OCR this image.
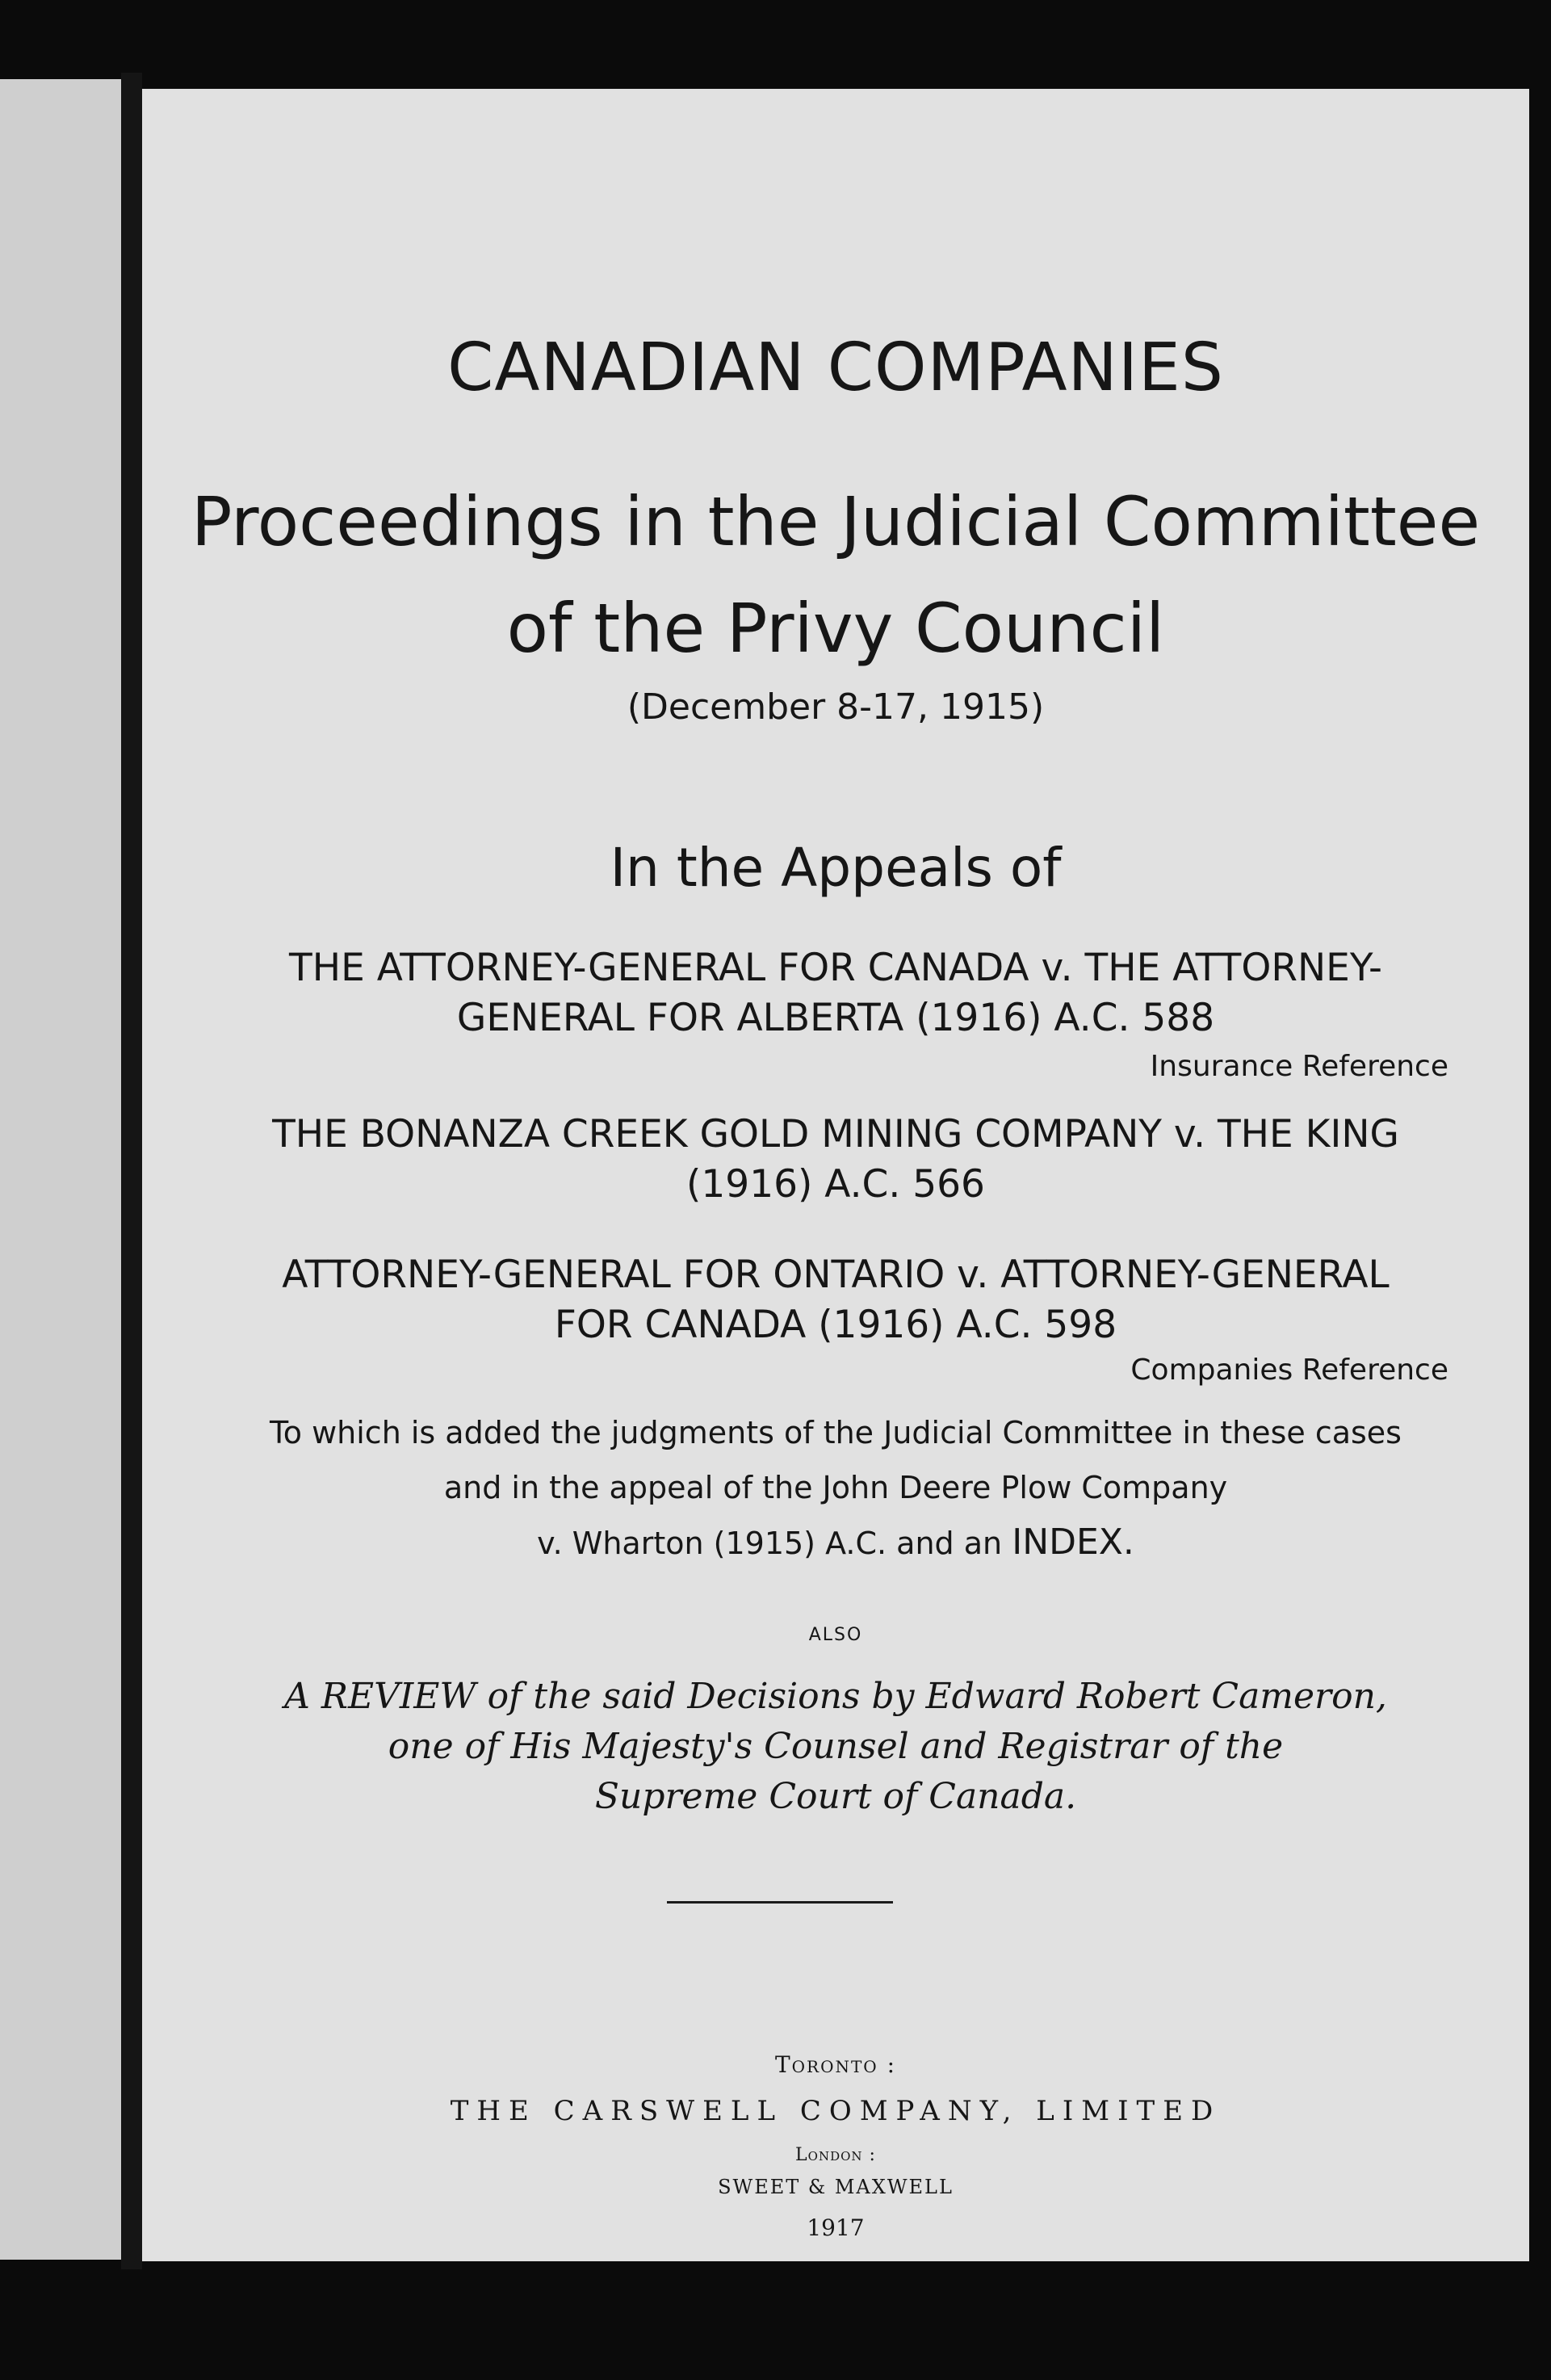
CANADIAN COMPANIES
Proceedings in the Judicial Committee
of the Privy Council
(December 8-17, 1915)
In the Appeals of
THE ATTORNEY-GENERAL FOR CANADA v. THE ATTORNEY-
GENERAL FOR ALBERTA (1916) A.C. 588
Insurance Reference
THE BONANZA CREEK GOLD MINING COMPANY v. THE KING
(1916) A.C. 566
ATTORNEY-GENERAL FOR ONTARIO v. ATTORNEY-GENERAL
FOR CANADA (1916) A.C. 598
Companies Reference
To which is added the judgments of the Judicial Committee in these cases
and in the appeal of the John Deere Plow Company
v. Wharton (1915) A.C. and an INDEX.
ALSO
A REVIEW of the said Decisions by Edward Robert Cameron,
one of His Majesty's Counsel and Registrar of the
Supreme Court of Canada.
Toronto :
THE CARSWELL COMPANY, LIMITED
London :
SWEET & MAXWELL
1917
